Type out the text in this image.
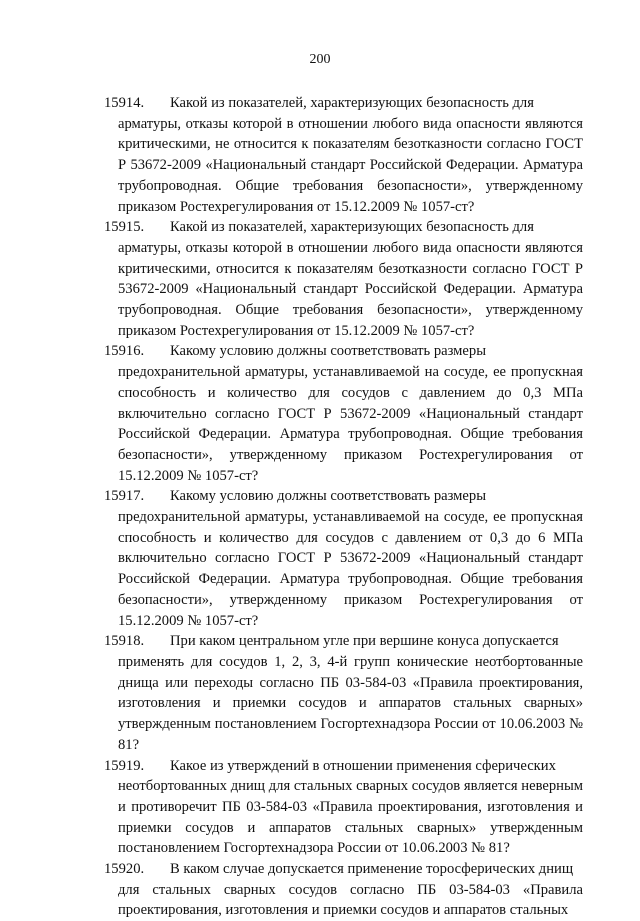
200

15914. Какой из показателей, характеризующих безопасность для
арматуры, отказы которой в отношении любого вида опасности являются критическими, не относится к показателям безотказности согласно ГОСТ Р 53672-2009 «Национальный стандарт Российской Федерации. Арматура трубопроводная. Общие требования безопасности», утвержденному приказом Ростехрегулирования от 15.12.2009 № 1057-ст?

15915. Какой из показателей, характеризующих безопасность для
арматуры, отказы которой в отношении любого вида опасности являются критическими, относится к показателям безотказности согласно ГОСТ Р 53672-2009 «Национальный стандарт Российской Федерации. Арматура трубопроводная. Общие требования безопасности», утвержденному приказом Ростехрегулирования от 15.12.2009 № 1057-ст?

15916. Какому условию должны соответствовать размеры
предохранительной арматуры, устанавливаемой на сосуде, ее пропускная способность и количество для сосудов с давлением до 0,3 МПа включительно согласно ГОСТ Р 53672-2009 «Национальный стандарт Российской Федерации. Арматура трубопроводная. Общие требования безопасности», утвержденному приказом Ростехрегулирования от 15.12.2009 № 1057-ст?

15917. Какому условию должны соответствовать размеры
предохранительной арматуры, устанавливаемой на сосуде, ее пропускная способность и количество для сосудов с давлением от 0,3 до 6 МПа включительно согласно ГОСТ Р 53672-2009 «Национальный стандарт Российской Федерации. Арматура трубопроводная. Общие требования безопасности», утвержденному приказом Ростехрегулирования от 15.12.2009 № 1057-ст?

15918. При каком центральном угле при вершине конуса допускается
применять для сосудов 1, 2, 3, 4-й групп конические неотбортованные днища или переходы согласно ПБ 03-584-03 «Правила проектирования, изготовления и приемки сосудов и аппаратов стальных сварных» утвержденным постановлением Госгортехнадзора России от 10.06.2003 № 81?

15919. Какое из утверждений в отношении применения сферических
неотбортованных днищ для стальных сварных сосудов является неверным и противоречит ПБ 03-584-03 «Правила проектирования, изготовления и приемки сосудов и аппаратов стальных сварных» утвержденным постановлением Госгортехнадзора России от 10.06.2003 № 81?

15920. В каком случае допускается применение торосферических днищ
для стальных сварных сосудов согласно ПБ 03-584-03 «Правила проектирования, изготовления и приемки сосудов и аппаратов стальных
